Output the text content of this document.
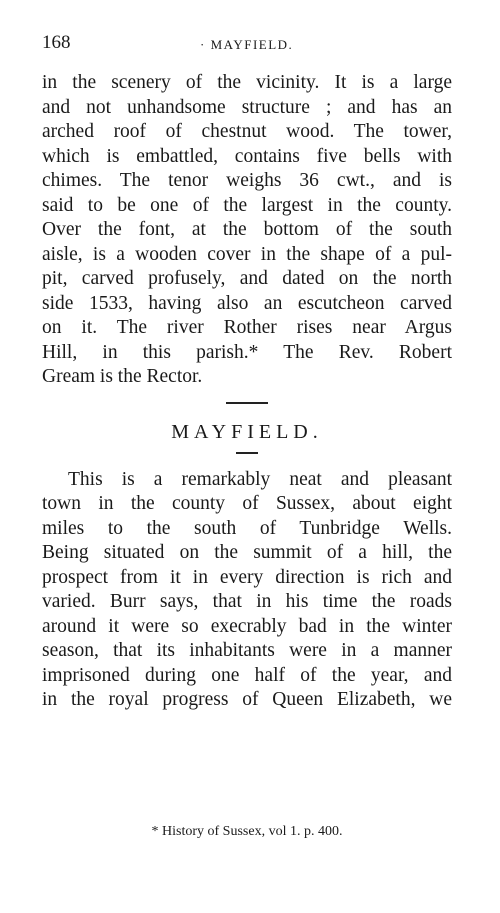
168	· MAYFIELD.
in the scenery of the vicinity. It is a large
and not unhandsome structure ; and has an
arched roof of chestnut wood. The tower,
which is embattled, contains five bells with
chimes. The tenor weighs 36 cwt., and is
said to be one of the largest in the county.
Over the font, at the bottom of the south
aisle, is a wooden cover in the shape of a pul-
pit, carved profusely, and dated on the north
side 1533, having also an escutcheon carved
on it. The river Rother rises near Argus
Hill, in this parish.* The Rev. Robert
Gream is the Rector.
MAYFIELD.
This is a remarkably neat and pleasant
town in the county of Sussex, about eight
miles to the south of Tunbridge Wells.
Being situated on the summit of a hill, the
prospect from it in every direction is rich and
varied. Burr says, that in his time the roads
around it were so execrably bad in the winter
season, that its inhabitants were in a manner
imprisoned during one half of the year, and
in the royal progress of Queen Elizabeth, we
* History of Sussex, vol 1. p. 400.
